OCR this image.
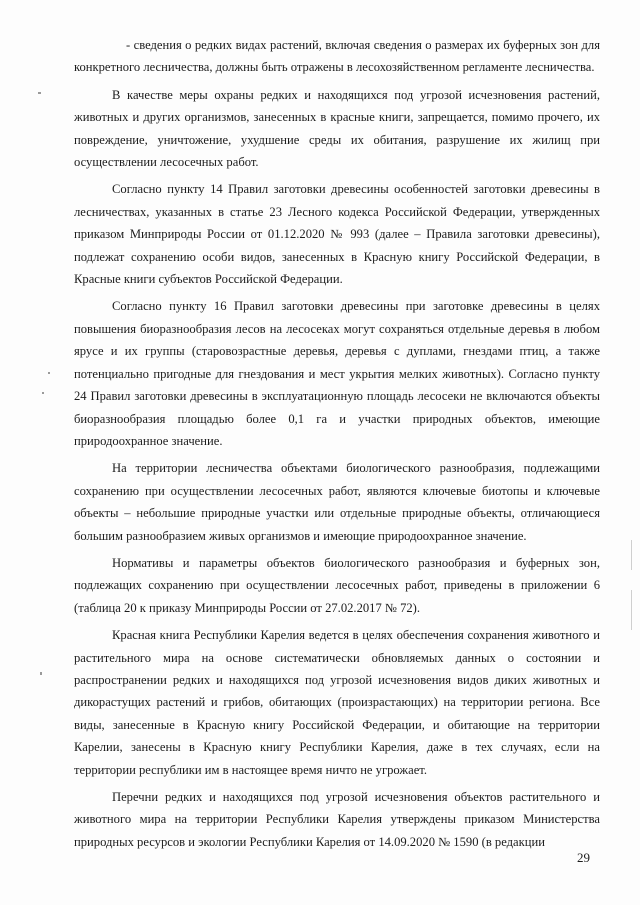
- сведения о редких видах растений, включая сведения о размерах их буферных зон для конкретного лесничества, должны быть отражены в лесохозяйственном регламенте лесничества.

В качестве меры охраны редких и находящихся под угрозой исчезновения растений, животных и других организмов, занесенных в красные книги, запрещается, помимо прочего, их повреждение, уничтожение, ухудшение среды их обитания, разрушение их жилищ при осуществлении лесосечных работ.

Согласно пункту 14 Правил заготовки древесины особенностей заготовки древесины в лесничествах, указанных в статье 23 Лесного кодекса Российской Федерации, утвержденных приказом Минприроды России от 01.12.2020 № 993 (далее – Правила заготовки древесины), подлежат сохранению особи видов, занесенных в Красную книгу Российской Федерации, в Красные книги субъектов Российской Федерации.

Согласно пункту 16 Правил заготовки древесины при заготовке древесины в целях повышения биоразнообразия лесов на лесосеках могут сохраняться отдельные деревья в любом ярусе и их группы (старовозрастные деревья, деревья с дуплами, гнездами птиц, а также потенциально пригодные для гнездования и мест укрытия мелких животных). Согласно пункту 24 Правил заготовки древесины в эксплуатационную площадь лесосеки не включаются объекты биоразнообразия площадью более 0,1 га и участки природных объектов, имеющие природоохранное значение.

На территории лесничества объектами биологического разнообразия, подлежащими сохранению при осуществлении лесосечных работ, являются ключевые биотопы и ключевые объекты – небольшие природные участки или отдельные природные объекты, отличающиеся большим разнообразием живых организмов и имеющие природоохранное значение.

Нормативы и параметры объектов биологического разнообразия и буферных зон, подлежащих сохранению при осуществлении лесосечных работ, приведены в приложении 6 (таблица 20 к приказу Минприроды России от 27.02.2017 № 72).

Красная книга Республики Карелия ведется в целях обеспечения сохранения животного и растительного мира на основе систематически обновляемых данных о состоянии и распространении редких и находящихся под угрозой исчезновения видов диких животных и дикорастущих растений и грибов, обитающих (произрастающих) на территории региона. Все виды, занесенные в Красную книгу Российской Федерации, и обитающие на территории Карелии, занесены в Красную книгу Республики Карелия, даже в тех случаях, если на территории республики им в настоящее время ничто не угрожает.

Перечни редких и находящихся под угрозой исчезновения объектов растительного и животного мира на территории Республики Карелия утверждены приказом Министерства природных ресурсов и экологии Республики Карелия от 14.09.2020 № 1590 (в редакции

29
